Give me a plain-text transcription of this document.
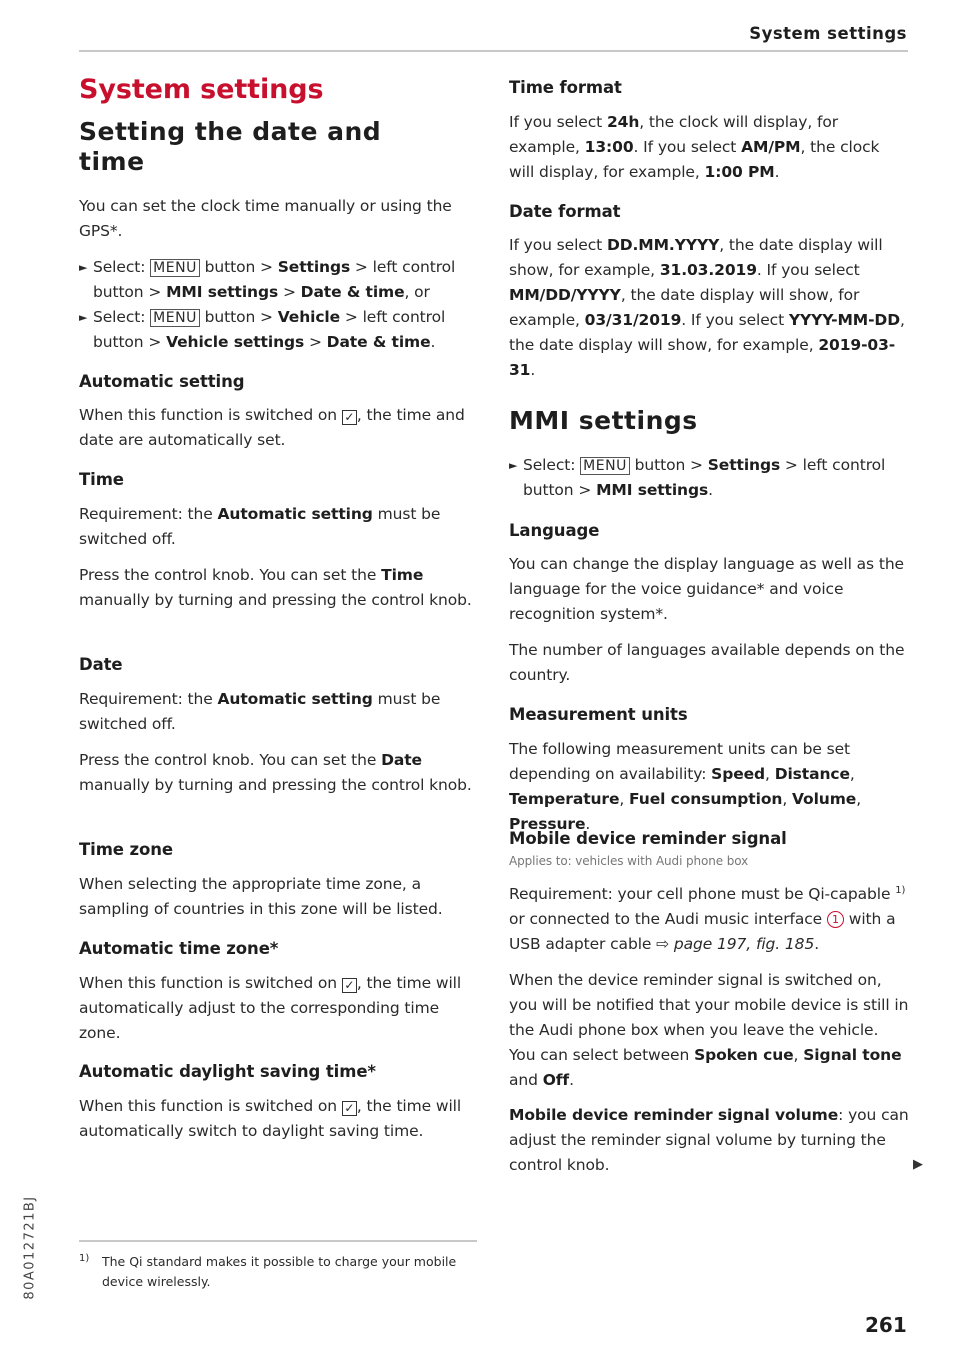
System settings
System settings
Setting the date and time
You can set the clock time manually or using the GPS*.
► Select: MENU button > Settings > left control button > MMI settings > Date & time, or
► Select: MENU button > Vehicle > left control button > Vehicle settings > Date & time.
Automatic setting
When this function is switched on ✓ , the time and date are automatically set.
Time
Requirement: the Automatic setting must be switched off.
Press the control knob. You can set the Time manually by turning and pressing the control knob.
Date
Requirement: the Automatic setting must be switched off.
Press the control knob. You can set the Date manually by turning and pressing the control knob.
Time zone
When selecting the appropriate time zone, a sampling of countries in this zone will be listed.
Automatic time zone*
When this function is switched on ✓ , the time will automatically adjust to the corresponding time zone.
Automatic daylight saving time*
When this function is switched on ✓ , the time will automatically switch to daylight saving time.
1)	The Qi standard makes it possible to charge your mobile device wirelessly.
Time format
If you select 24h, the clock will display, for example, 13:00. If you select AM/PM, the clock will display, for example, 1:00 PM.
Date format
If you select DD.MM.YYYY, the date display will show, for example, 31.03.2019. If you select MM/DD/YYYY, the date display will show, for example, 03/31/2019. If you select YYYY-MM-DD, the date display will show, for example, 2019-03-31.
MMI settings
► Select: MENU button > Settings > left control button > MMI settings.
Language
You can change the display language as well as the language for the voice guidance* and voice recognition system*.
The number of languages available depends on the country.
Measurement units
The following measurement units can be set depending on availability: Speed, Distance, Temperature, Fuel consumption, Volume, Pressure.
Mobile device reminder signal
Applies to: vehicles with Audi phone box
Requirement: your cell phone must be Qi-capable $^{1)}$ or connected to the Audi music interface 1 with a USB adapter cable ⇨ page 197, fig. 185.
When the device reminder signal is switched on, you will be notified that your mobile device is still in the Audi phone box when you leave the vehicle. You can select between Spoken cue, Signal tone and Off.
Mobile device reminder signal volume: you can adjust the reminder signal volume by turning the control knob.	▶
80A012721BJ
261
